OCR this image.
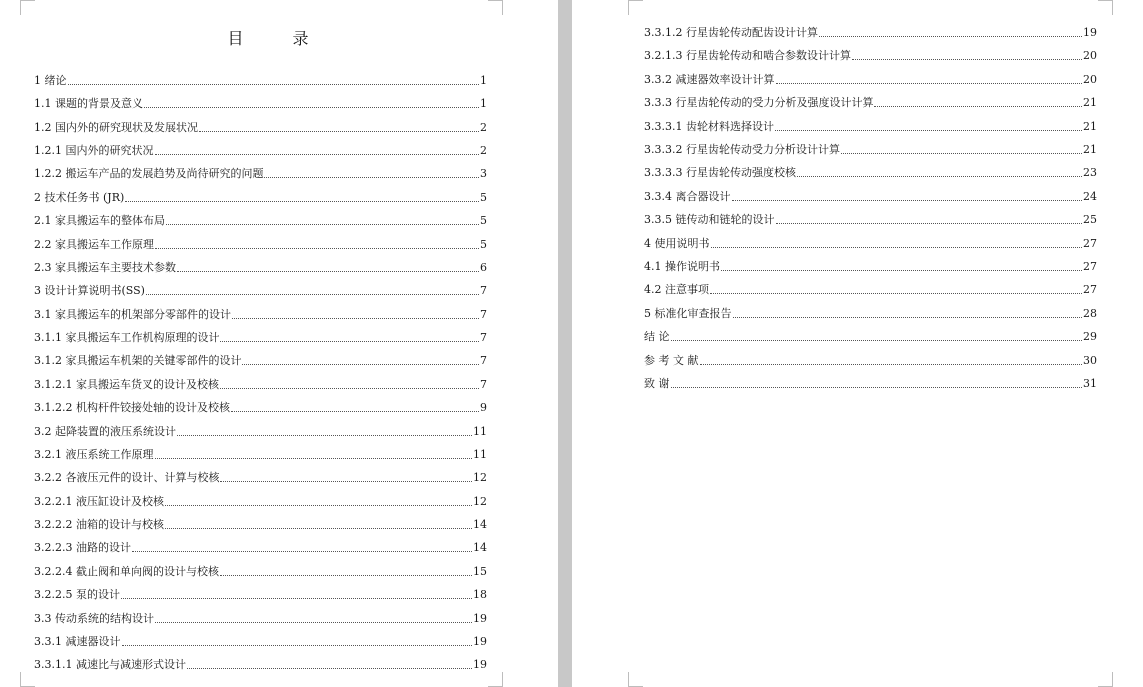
目 录
1 绪论	1
1.1 课题的背景及意义	1
1.2 国内外的研究现状及发展状况	2
1.2.1 国内外的研究状况	2
1.2.2 搬运车产品的发展趋势及尚待研究的问题	3
2 技术任务书 (JR)	5
2.1 家具搬运车的整体布局	5
2.2 家具搬运车工作原理	5
2.3 家具搬运车主要技术参数	6
3 设计计算说明书(SS)	7
3.1 家具搬运车的机架部分零部件的设计	7
3.1.1 家具搬运车工作机构原理的设计	7
3.1.2 家具搬运车机架的关键零部件的设计	7
3.1.2.1 家具搬运车货叉的设计及校核	7
3.1.2.2 机构杆件铰接处轴的设计及校核	9
3.2 起降装置的液压系统设计	11
3.2.1 液压系统工作原理	11
3.2.2 各液压元件的设计、计算与校核	12
3.2.2.1 液压缸设计及校核	12
3.2.2.2 油箱的设计与校核	14
3.2.2.3 油路的设计	14
3.2.2.4 截止阀和单向阀的设计与校核	15
3.2.2.5 泵的设计	18
3.3 传动系统的结构设计	19
3.3.1 减速器设计	19
3.3.1.1 减速比与减速形式设计	19
3.3.1.2 行星齿轮传动配齿设计计算	19
3.2.1.3 行星齿轮传动和啮合参数设计计算	20
3.3.2 减速器效率设计计算	20
3.3.3 行星齿轮传动的受力分析及强度设计计算	21
3.3.3.1 齿轮材料选择设计	21
3.3.3.2 行星齿轮传动受力分析设计计算	21
3.3.3.3 行星齿轮传动强度校核	23
3.3.4 离合器设计	24
3.3.5 链传动和链轮的设计	25
4 使用说明书	27
4.1 操作说明书	27
4.2 注意事项	27
5 标准化审查报告	28
结 论	29
参 考 文 献	30
致 谢	31
